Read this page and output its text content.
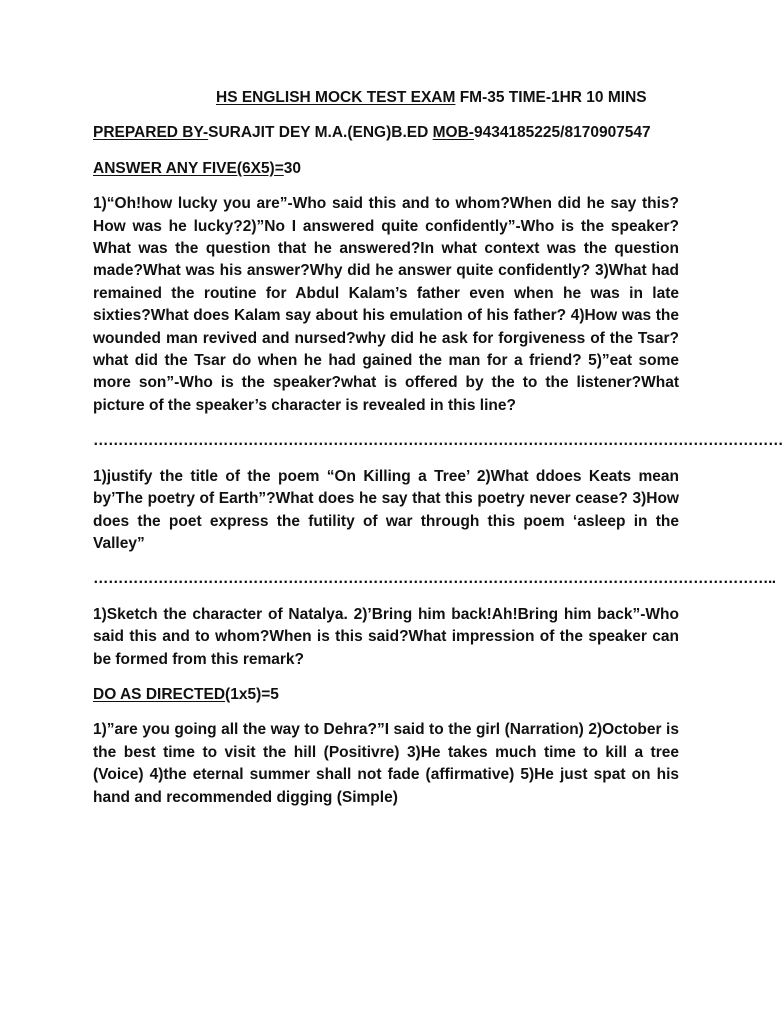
HS ENGLISH MOCK TEST EXAM FM-35 TIME-1HR 10 MINS
PREPARED BY-SURAJIT DEY M.A.(ENG)B.ED MOB-9434185225/8170907547
ANSWER ANY FIVE(6X5)=30
1)“Oh!how lucky you are”-Who said this and to whom?When did he say this?How was he lucky?2)”No I answered quite confidently”-Who is the speaker?What was the question that he answered?In what context was the question made?What was his answer?Why did he answer quite confidently? 3)What had remained the routine for Abdul Kalam’s father even when he was in late sixties?What does Kalam say about his emulation of his father? 4)How was the wounded man revived and nursed?why did he ask for forgiveness of the Tsar?what did the Tsar do when he had gained the man for a friend? 5)”eat some more son”-Who is the speaker?what is offered by the to the listener?What picture of the speaker’s character is revealed in this line?
…………………………………………………………………………………………………………………………
1)justify the title of the poem “On Killing a Tree’ 2)What ddoes Keats mean by’The poetry of Earth”?What does he say that this poetry never cease? 3)How does the poet express the futility of war through this poem ‘asleep in the Valley”
………………………………………………………………………………………………………………………..
1)Sketch the character of Natalya. 2)’Bring him back!Ah!Bring him back”-Who said this and to whom?When is this said?What impression of the speaker can be formed from this remark?
DO AS DIRECTED(1x5)=5
1)”are you going all the way to Dehra?”I said to the girl (Narration) 2)October is the best time to visit the hill (Positivre) 3)He takes much time to kill a tree (Voice) 4)the eternal summer shall not fade (affirmative) 5)He just spat on his hand and recommended digging (Simple)
